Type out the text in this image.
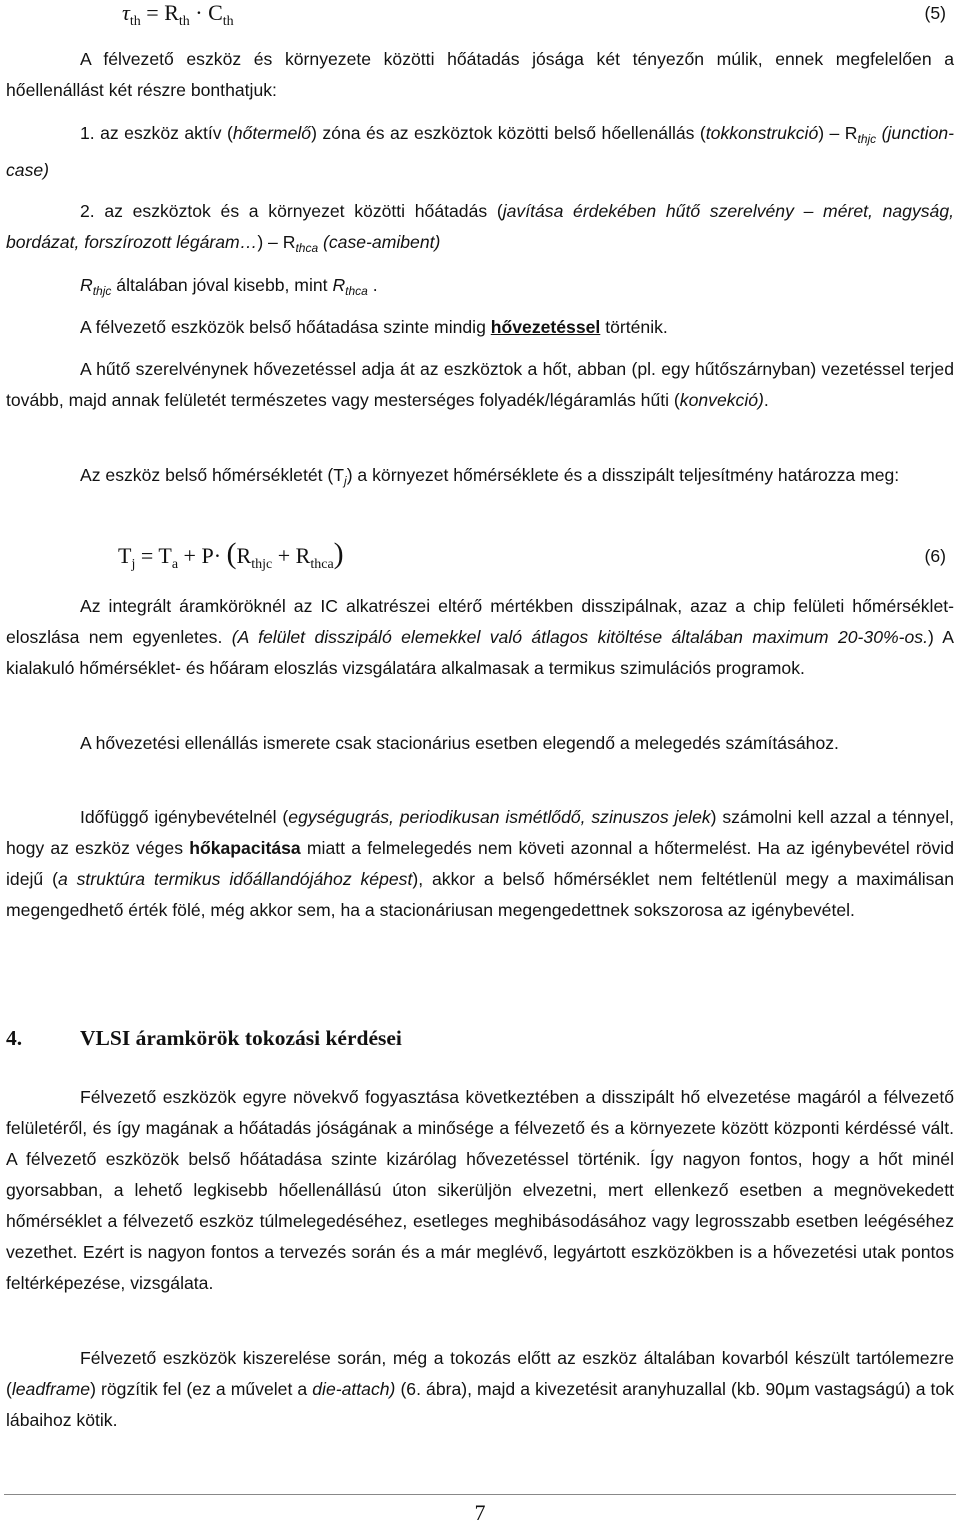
$\tau_{th} = R_{th} \cdot C_{th}$	(5)

A félvezető eszköz és környezete közötti hőátadás jósága két tényezőn múlik, ennek megfelelően a hőellenállást két részre bonthatjuk:

1. az eszköz aktív (hőtermelő) zóna és az eszköztok közötti belső hőellenállás (tokkonstrukció) – $R_{thjc}$ (junction-case)

2. az eszköztok és a környezet közötti hőátadás (javítása érdekében hűtő szerelvény – méret, nagyság, bordázat, forszírozott légáram…) – $R_{thca}$ (case-amibent)

$R_{thjc}$ általában jóval kisebb, mint $R_{thca}$ .

A félvezető eszközök belső hőátadása szinte mindig hővezetéssel történik.

A hűtő szerelvénynek hővezetéssel adja át az eszköztok a hőt, abban (pl. egy hűtőszárnyban) vezetéssel terjed tovább, majd annak felületét természetes vagy mesterséges folyadék/légáramlás hűti (konvekció).

Az eszköz belső hőmérsékletét $(T_j)$ a környezet hőmérséklete és a disszipált teljesítmény határozza meg:

$T_j = T_a + P\cdot (R_{thjc} + R_{thca})$	(6)

Az integrált áramköröknél az IC alkatrészei eltérő mértékben disszipálnak, azaz a chip felületi hőmérséklet-eloszlása nem egyenletes. (A felület disszipáló elemekkel való átlagos kitöltése általában maximum 20-30%-os.) A kialakuló hőmérséklet- és hőáram eloszlás vizsgálatára alkalmasak a termikus szimulációs programok.

A hővezetési ellenállás ismerete csak stacionárius esetben elegendő a melegedés számításához.

Időfüggő igénybevételnél (egységugrás, periodikusan ismétlődő, szinuszos jelek) számolni kell azzal a ténnyel, hogy az eszköz véges hőkapacitása miatt a felmelegedés nem követi azonnal a hőtermelést. Ha az igénybevétel rövid idejű (a struktúra termikus időállandójához képest), akkor a belső hőmérséklet nem feltétlenül megy a maximálisan megengedhető érték fölé, még akkor sem, ha a stacionáriusan megengedettnek sokszorosa az igénybevétel.

4.	VLSI áramkörök tokozási kérdései

Félvezető eszközök egyre növekvő fogyasztása következtében a disszipált hő elvezetése magáról a félvezető felületéről, és így magának a hőátadás jóságának a minősége a félvezető és a környezete között központi kérdéssé vált. A félvezető eszközök belső hőátadása szinte kizárólag hővezetéssel történik. Így nagyon fontos, hogy a hőt minél gyorsabban, a lehető legkisebb hőellenállású úton sikerüljön elvezetni, mert ellenkező esetben a megnövekedett hőmérséklet a félvezető eszköz túlmelegedéséhez, esetleges meghibásodásához vagy legrosszabb esetben leégéséhez vezethet. Ezért is nagyon fontos a tervezés során és a már meglévő, legyártott eszközökben is a hővezetési utak pontos feltérképezése, vizsgálata.

Félvezető eszközök kiszerelése során, még a tokozás előtt az eszköz általában kovarból készült tartólemezre (leadframe) rögzítik fel (ez a művelet a die-attach) (6. ábra), majd a kivezetésit aranyhuzallal (kb. 90µm vastagságú) a tok lábaihoz kötik.

7
